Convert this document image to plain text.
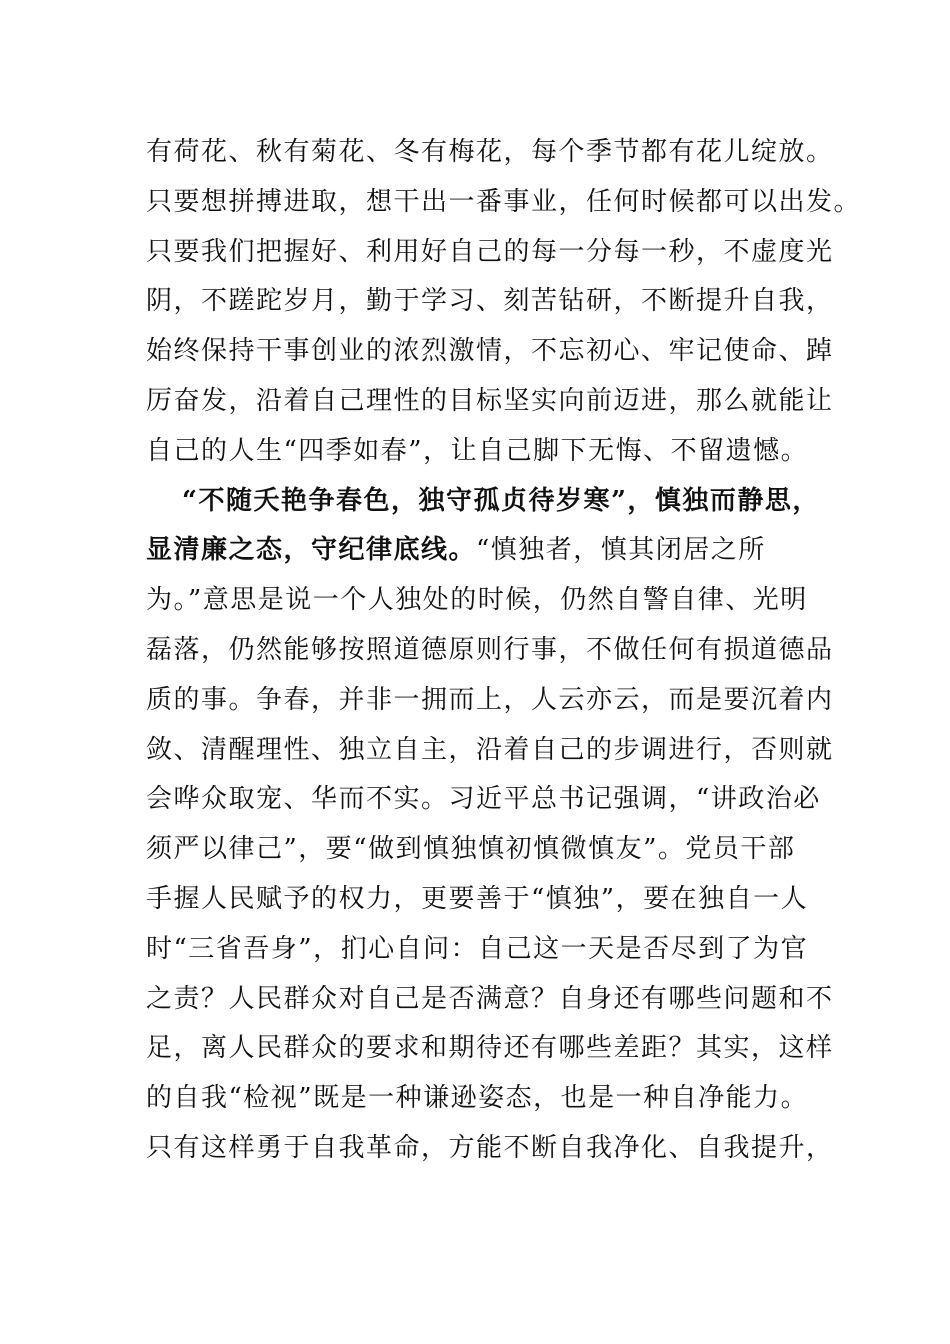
有荷花、秋有菊花、冬有梅花，每个季节都有花儿绽放。
只要想拼搏进取，想干出一番事业，任何时候都可以出发。
只要我们把握好、利用好自己的每一分每一秒，不虚度光
阴，不蹉跎岁月，勤于学习、刻苦钻研，不断提升自我，
始终保持干事创业的浓烈激情，不忘初心、牢记使命、踔
厉奋发，沿着自己理性的目标坚实向前迈进，那么就能让
自己的人生“四季如春”，让自己脚下无悔、不留遗憾。
“不随夭艳争春色，独守孤贞待岁寒”，慎独而静思，
显清廉之态，守纪律底线。“慎独者，慎其闭居之所
为。”意思是说一个人独处的时候，仍然自警自律、光明
磊落，仍然能够按照道德原则行事，不做任何有损道德品
质的事。争春，并非一拥而上，人云亦云，而是要沉着内
敛、清醒理性、独立自主，沿着自己的步调进行，否则就
会哗众取宠、华而不实。习近平总书记强调，“讲政治必
须严以律己”，要“做到慎独慎初慎微慎友”。党员干部
手握人民赋予的权力，更要善于“慎独”，要在独自一人
时“三省吾身”，扪心自问：自己这一天是否尽到了为官
之责？人民群众对自己是否满意？自身还有哪些问题和不
足，离人民群众的要求和期待还有哪些差距？其实，这样
的自我“检视”既是一种谦逊姿态，也是一种自净能力。
只有这样勇于自我革命，方能不断自我净化、自我提升，
